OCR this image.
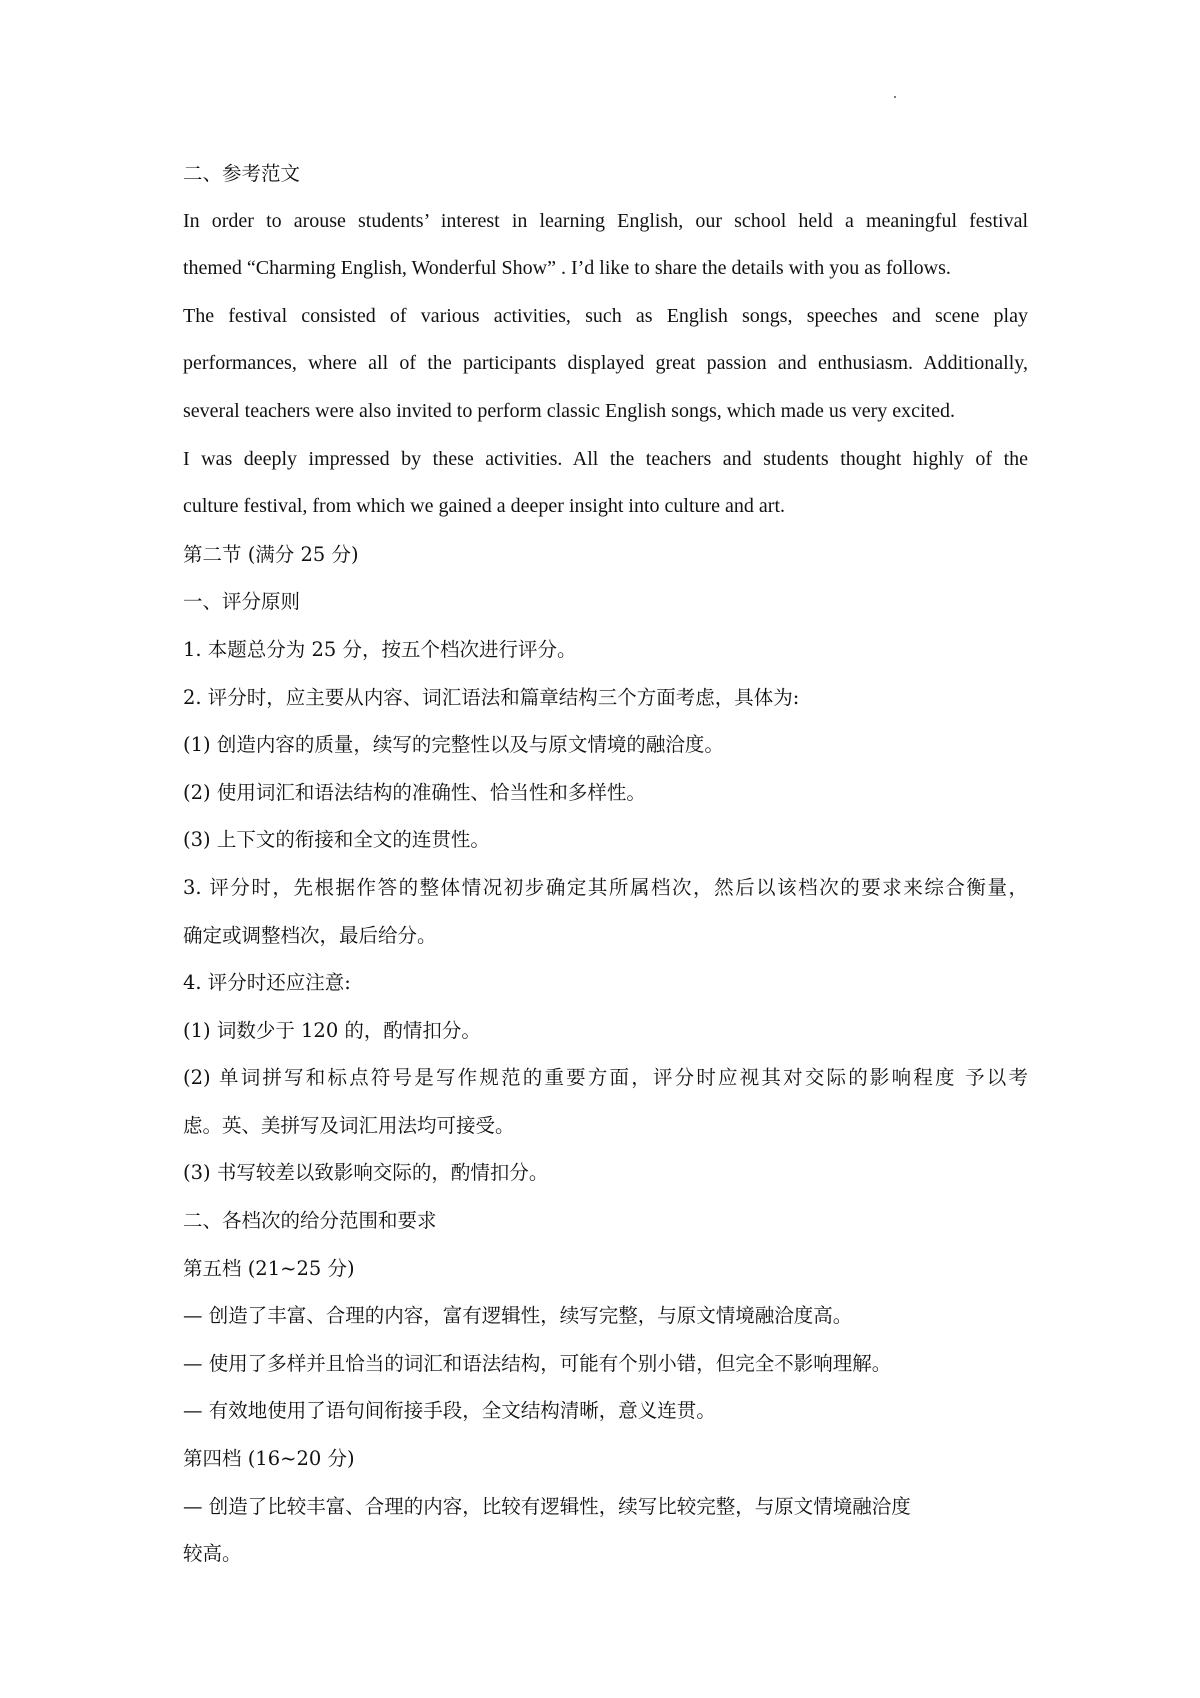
二、参考范文
In order to arouse students’ interest in learning English, our school held a meaningful festival
themed “Charming English, Wonderful Show” . I’d like to share the details with you as follows.
The festival consisted of various activities, such as English songs, speeches and scene play
performances, where all of the participants displayed great passion and enthusiasm. Additionally,
several teachers were also invited to perform classic English songs, which made us very excited.
I was deeply impressed by these activities. All the teachers and students thought highly of the
culture festival, from which we gained a deeper insight into culture and art.
第二节 (满分 25 分)
一、评分原则
1. 本题总分为 25 分，按五个档次进行评分。
2. 评分时，应主要从内容、词汇语法和篇章结构三个方面考虑，具体为:
(1) 创造内容的质量，续写的完整性以及与原文情境的融洽度。
(2) 使用词汇和语法结构的准确性、恰当性和多样性。
(3) 上下文的衔接和全文的连贯性。
3. 评分时，先根据作答的整体情况初步确定其所属档次，然后以该档次的要求来综合衡量，
确定或调整档次，最后给分。
4. 评分时还应注意:
(1) 词数少于 120 的，酌情扣分。
(2) 单词拼写和标点符号是写作规范的重要方面，评分时应视其对交际的影响程度 予以考
虑。英、美拼写及词汇用法均可接受。
(3) 书写较差以致影响交际的，酌情扣分。
二、各档次的给分范围和要求
第五档 (21~25 分)
— 创造了丰富、合理的内容，富有逻辑性，续写完整，与原文情境融洽度高。
— 使用了多样并且恰当的词汇和语法结构，可能有个别小错，但完全不影响理解。
— 有效地使用了语句间衔接手段，全文结构清晰，意义连贯。
第四档 (16~20 分)
— 创造了比较丰富、合理的内容，比较有逻辑性，续写比较完整，与原文情境融洽度
较高。
